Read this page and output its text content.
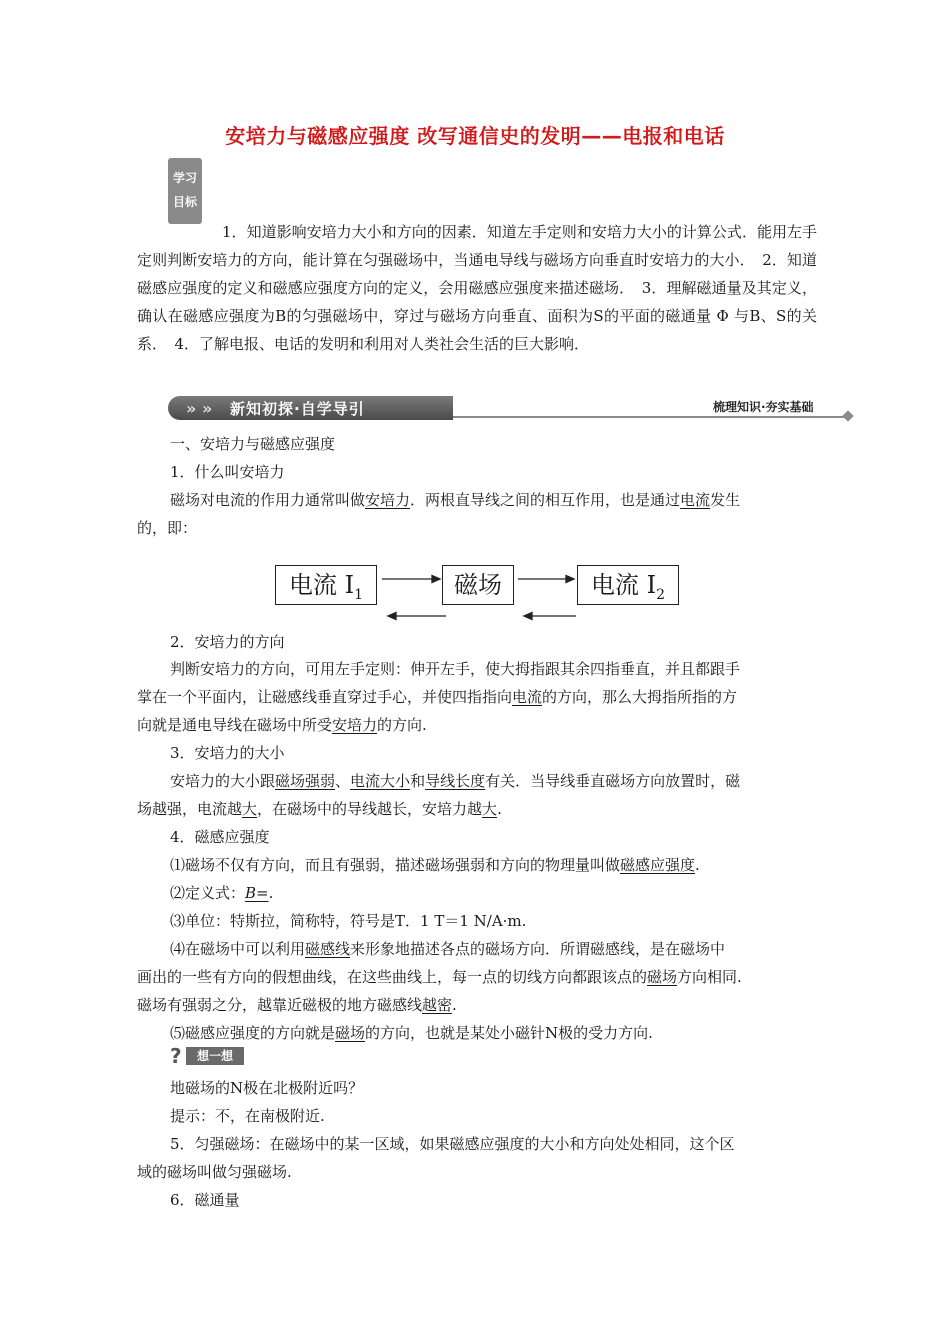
安培力与磁感应强度 改写通信史的发明——电报和电话
学习
目标
1．知道影响安培力大小和方向的因素．知道左手定则和安培力大小的计算公式．能用左手定则判断安培力的方向，能计算在匀强磁场中，当通电导线与磁场方向垂直时安培力的大小．　2．知道磁感应强度的定义和磁感应强度方向的定义，会用磁感应强度来描述磁场．　3．理解磁通量及其定义，确认在磁感应强度为B的匀强磁场中，穿过与磁场方向垂直、面积为S的平面的磁通量 Φ 与B、S的关系．　4．了解电报、电话的发明和利用对人类社会生活的巨大影响．
» » 新知初探·自学导引	梳理知识·夯实基础
一、安培力与磁感应强度
1．什么叫安培力
磁场对电流的作用力通常叫做安培力．两根直导线之间的相互作用，也是通过电流发生
的，即：
电流 $I_1$	磁场	电流 $I_2$
2．安培力的方向
判断安培力的方向，可用左手定则：伸开左手，使大拇指跟其余四指垂直，并且都跟手
掌在一个平面内，让磁感线垂直穿过手心，并使四指指向电流的方向，那么大拇指所指的方
向就是通电导线在磁场中所受安培力的方向.
3．安培力的大小
安培力的大小跟磁场强弱、电流大小和导线长度有关．当导线垂直磁场方向放置时，磁
场越强，电流越大，在磁场中的导线越长，安培力越大.
4．磁感应强度
⑴磁场不仅有方向，而且有强弱，描述磁场强弱和方向的物理量叫做磁感应强度.
⑵定义式：B=.
⑶单位：特斯拉，简称特，符号是T．1 T＝1 N/A·m.
⑷在磁场中可以利用磁感线来形象地描述各点的磁场方向．所谓磁感线，是在磁场中
画出的一些有方向的假想曲线，在这些曲线上，每一点的切线方向都跟该点的磁场方向相同.
磁场有强弱之分，越靠近磁极的地方磁感线越密.
⑸磁感应强度的方向就是磁场的方向，也就是某处小磁针N极的受力方向.
?	想一想
地磁场的N极在北极附近吗？
提示：不，在南极附近.
5．匀强磁场：在磁场中的某一区域，如果磁感应强度的大小和方向处处相同，这个区
域的磁场叫做匀强磁场.
6．磁通量
